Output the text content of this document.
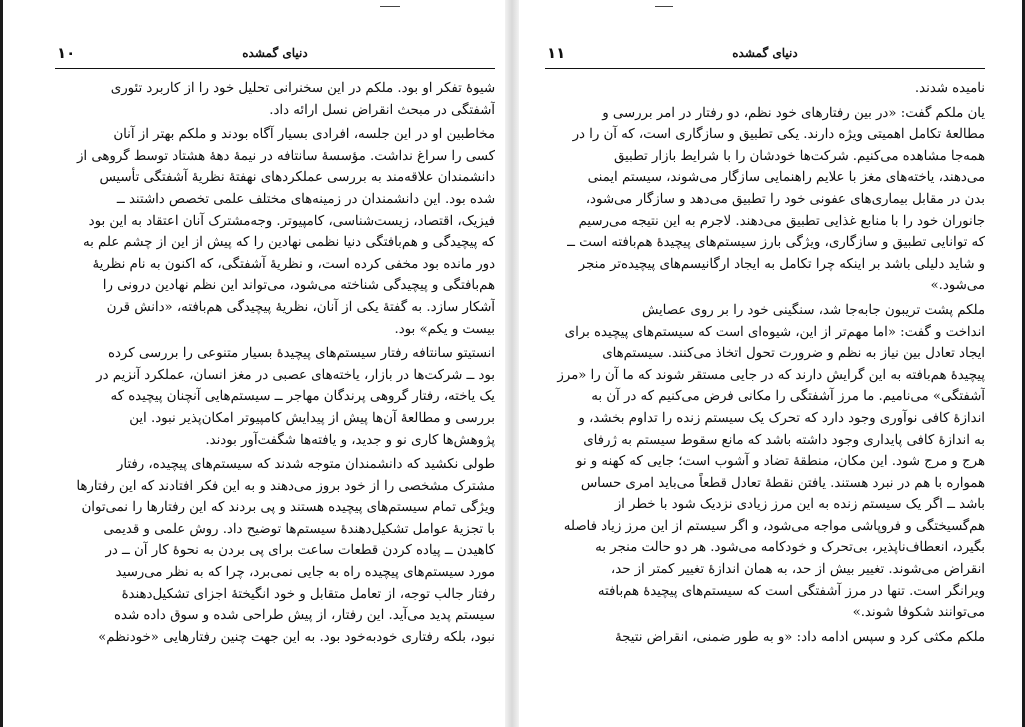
۱۰	دنیای گمشده

شیوهٔ تفکر او بود. ملکم در این سخنرانی تحلیل خود را از کاربرد تئوری
آشفتگی در مبحث انقراض نسل ارائه داد.

مخاطبین او در این جلسه، افرادی بسیار آگاه بودند و ملکم بهتر از آنان
کسی را سراغ نداشت. مؤسسهٔ سانتافه در نیمهٔ دههٔ هشتاد توسط گروهی از
دانشمندان علاقه‌مند به بررسی عملکردهای نهفتهٔ نظریهٔ آشفتگی تأسیس
شده بود. این دانشمندان در زمینه‌های مختلف علمی تخصص داشتند ــ
فیزیک، اقتصاد، زیست‌شناسی، کامپیوتر. وجه‌مشترک آنان اعتقاد به این بود
که پیچیدگی و هم‌بافتگی دنیا نظمی نهادین را که پیش از این از چشم علم به
دور مانده بود مخفی کرده است، و نظریهٔ آشفتگی، که اکنون به نام نظریهٔ
هم‌بافتگی و پیچیدگی شناخته می‌شود، می‌تواند این نظم نهادین درونی را
آشکار سازد. به گفتهٔ یکی از آنان، نظریهٔ پیچیدگی هم‌بافته، «دانش قرن
بیست و یکم» بود.

انستیتو سانتافه رفتار سیستم‌های پیچیدهٔ بسیار متنوعی را بررسی کرده
بود ــ شرکت‌ها در بازار، یاخته‌های عصبی در مغز انسان، عملکرد آنزیم در
یک یاخته، رفتار گروهی پرندگان مهاجر ــ سیستم‌هایی آنچنان پیچیده که
بررسی و مطالعهٔ آن‌ها پیش از پیدایش کامپیوتر امکان‌پذیر نبود. این
پژوهش‌ها کاری نو و جدید، و یافته‌ها شگفت‌آور بودند.

طولی نکشید که دانشمندان متوجه شدند که سیستم‌های پیچیده، رفتار
مشترک مشخصی را از خود بروز می‌دهند و به این فکر افتادند که این رفتارها
ویژگی تمام سیستم‌های پیچیده هستند و پی بردند که این رفتارها را نمی‌توان
با تجزیهٔ عوامل تشکیل‌دهندهٔ سیستم‌ها توضیح داد. روش علمی و قدیمی
کاهیدن ــ پیاده کردن قطعات ساعت برای پی بردن به نحوهٔ کار آن ــ در
مورد سیستم‌های پیچیده راه به جایی نمی‌برد، چرا که به نظر می‌رسید
رفتار جالب توجه، از تعامل متقابل و خود انگیختهٔ اجزای تشکیل‌دهندهٔ
سیستم پدید می‌آید. این رفتار، از پیش طراحی شده و سوق داده شده
نبود، بلکه رفتاری خودبه‌خود بود. به این جهت چنین رفتارهایی «خودنظم»

۱۱	دنیای گمشده

نامیده شدند.

یان ملکم گفت: «در بین رفتارهای خود نظم، دو رفتار در امر بررسی و
مطالعهٔ تکامل اهمیتی ویژه دارند. یکی تطبیق و سازگاری است، که آن را در
همه‌جا مشاهده می‌کنیم. شرکت‌ها خودشان را با شرایط بازار تطبیق
می‌دهند، یاخته‌های مغز با علایم راهنمایی سازگار می‌شوند، سیستم ایمنی
بدن در مقابل بیماری‌های عفونی خود را تطبیق می‌دهد و سازگار می‌شود،
جانوران خود را با منابع غذایی تطبیق می‌دهند. لاجرم به این نتیجه می‌رسیم
که توانایی تطبیق و سازگاری، ویژگی بارز سیستم‌های پیچیدهٔ هم‌بافته است ــ
و شاید دلیلی باشد بر اینکه چرا تکامل به ایجاد ارگانیسم‌های پیچیده‌تر منجر
می‌شود.»

ملکم پشت تریبون جابه‌جا شد، سنگینی خود را بر روی عصایش
انداخت و گفت: «اما مهم‌تر از این، شیوه‌ای است که سیستم‌های پیچیده برای
ایجاد تعادل بین نیاز به نظم و ضرورت تحول اتخاذ می‌کنند. سیستم‌های
پیچیدهٔ هم‌بافته به این گرایش دارند که در جایی مستقر شوند که ما آن را «مرز
آشفتگی» می‌نامیم. ما مرز آشفتگی را مکانی فرض می‌کنیم که در آن به
اندازهٔ کافی نوآوری وجود دارد که تحرک یک سیستم زنده را تداوم بخشد، و
به اندازهٔ کافی پایداری وجود داشته باشد که مانع سقوط سیستم به ژرفای
هرج و مرج شود. این مکان، منطقهٔ تضاد و آشوب است؛ جایی که کهنه و نو
همواره با هم در نبرد هستند. یافتن نقطهٔ تعادل قطعاً می‌باید امری حساس
باشد ــ اگر یک سیستم زنده به این مرز زیادی نزدیک شود با خطر از
هم‌گسیختگی و فروپاشی مواجه می‌شود، و اگر سیستم از این مرز زیاد فاصله
بگیرد، انعطاف‌ناپذیر، بی‌تحرک و خودکامه می‌شود. هر دو حالت منجر به
انقراض می‌شوند. تغییر بیش از حد، به همان اندازهٔ تغییر کمتر از حد،
ویرانگر است. تنها در مرز آشفتگی است که سیستم‌های پیچیدهٔ هم‌بافته
می‌توانند شکوفا شوند.»

ملکم مکثی کرد و سپس ادامه داد: «و به طور ضمنی، انقراض نتیجهٔ
